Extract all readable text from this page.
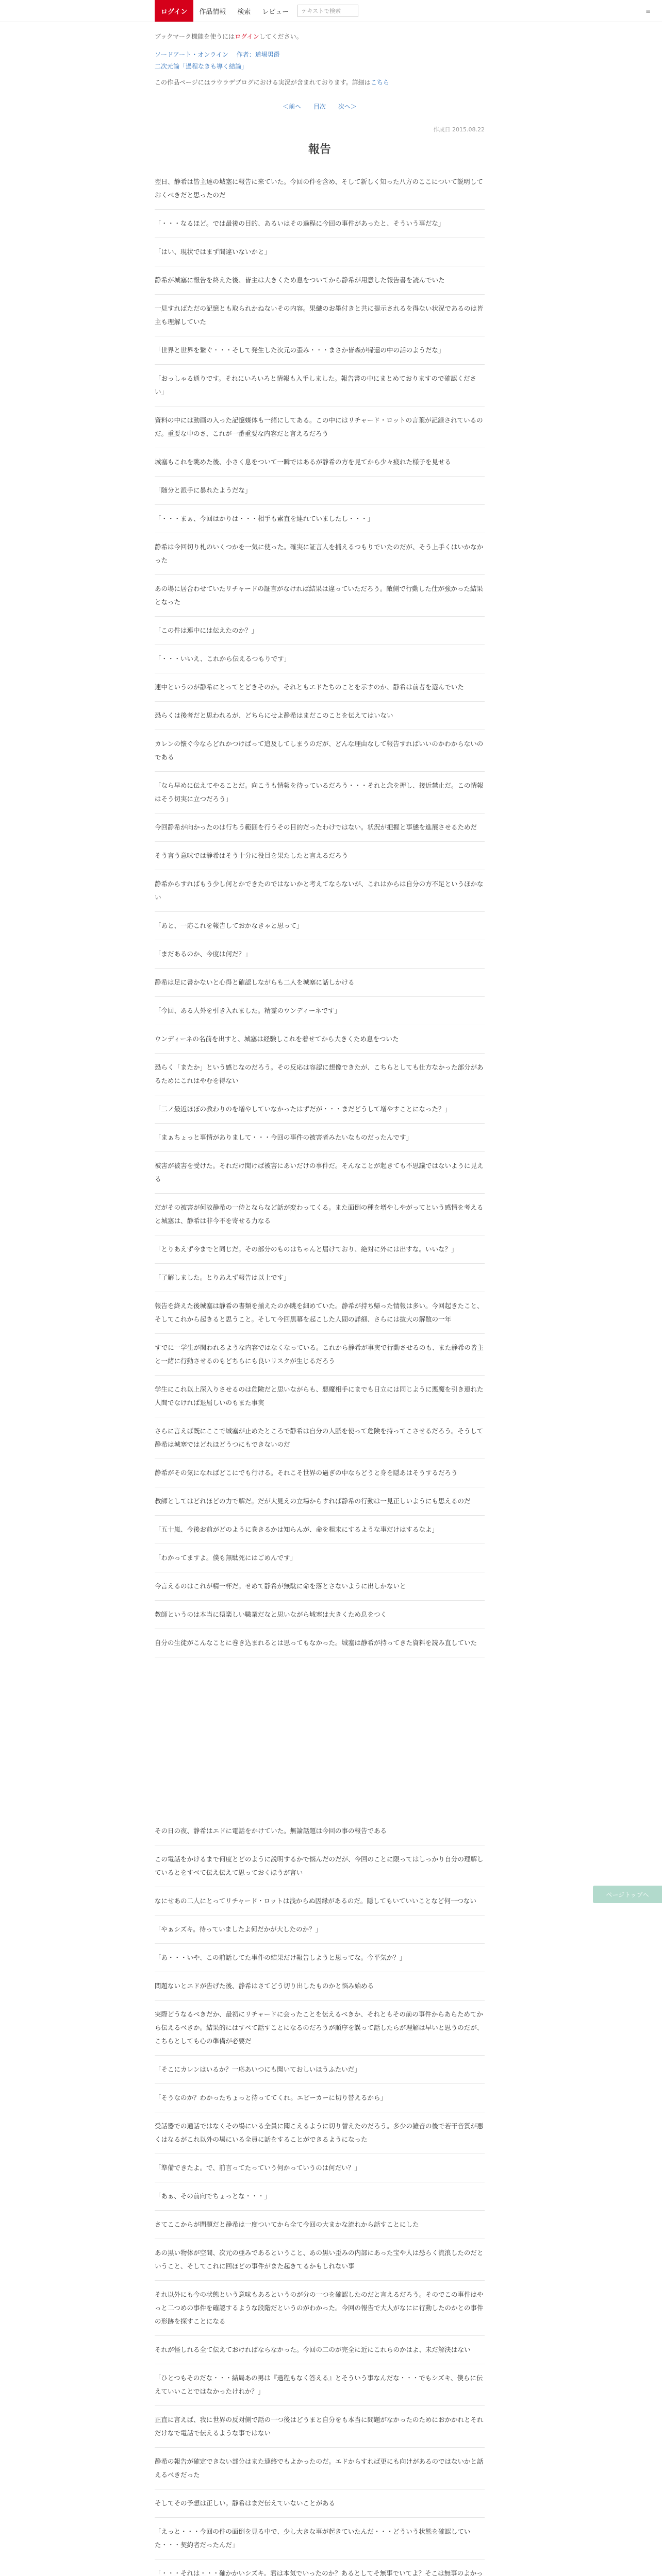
ログイン	作品情報	検索	レビュー	テキストで検索	≡
ブックマーク機能を使うにはログインしてください。
ソードアート・オンライン 作者：道場男爵
二次元論「過程なきも導く結論」
この作品ページにはラウラデブログにおける実況が含まれております。詳細はこちら
＜前へ 目次 次へ＞
作成日 2015.08.22
報告
翌日、静希は皆主達の城塞に報告に来ていた。今回の件を含め、そして新しく知った八方のここについて説明しておくべきだと思ったのだ
「・・・なるほど。では最後の目的、あるいはその過程に今回の事件があったと、そういう事だな」
「はい、現状ではまず間違いないかと」
静希が城塞に報告を終えた後、皆主は大きくため息をついてから静希が用意した報告書を読んでいた
一見すればただの記憶とも取られかねないその内容。果織のお墨付きと共に提示されるを得ない状況であるのは皆主も理解していた
「世界と世界を繋ぐ・・・そして発生した次元の歪み・・・まさか皆森が帰還の中の話のようだな」
「おっしゃる通りです。それにいろいろと情報も入手しました。報告書の中にまとめておりますので確認ください」
資料の中には動画の入った記憶媒体も一緒にしてある。この中にはリチャード・ロットの言葉が記録されているのだ。重要な中のさ、これが一番重要な内容だと言えるだろう
城塞もこれを眺めた後、小さく息をついて一瞬ではあるが静希の方を見てから少々疲れた様子を見せる
「随分と派手に暴れたようだな」
「・・・まぁ、今回はかりは・・・相手も素直を連れていましたし・・・」
静希は今回切り札のいくつかを一気に使った。確実に証言人を捕えるつもりでいたのだが、そう上手くはいかなかった
あの場に居合わせていたリチャードの証言がなければ結果は違っていただろう。敵側で行動した仕が強かった結果となった
「この件は連中には伝えたのか？」
「・・・いいえ、これから伝えるつもりです」
連中というのが静希にとってとどきそのか。それともエドたちのことを示すのか、静希は前者を選んでいた
恐らくは後者だと思われるが、どちらにせよ静希はまだこのことを伝えてはいない
カレンの懐ぐ今ならどれかつけばって追及してしまうのだが、どんな理由なして報告すればいいのかわからないのである
「なら早めに伝えてやることだ。向こうも情報を待っているだろう・・・それと念を押し、接近禁止だ。この情報はそう切実に立つだろう」
今回静希が向かったのは行ちう範囲を行うその目的だったわけではない。状況が把握と事態を進展させるためだ
そう言う意味では静希はそう十分に役目を果たしたと言えるだろう
静希からすればもう少し何とかできたのではないかと考えてならないが、これはからは自分の方不足というほかない
「あと、一応これを報告しておかなきゃと思って」
「まだあるのか、今度は何だ？」
静希は足に書かないと心得と確認しながらも二人を城塞に話しかける
「今回、ある人外を引き入れました。精霊のウンディーネです」
ウンディーネの名前を出すと、城塞は経験しこれを着せてから大きくため息をついた
恐らく「またか」という感じなのだろう。その反応は容認に想像できたが、こちらとしても仕方なかった部分があるためにこれはやむを得ない
「二ノ最近ほぼの教わりのを増やしていなかったはずだが・・・まだどうして増やすことになった？」
「まぁちょっと事情がありまして・・・今回の事件の被害者みたいなものだったんです」
被害が被害を受けた。それだけ聞けば被害にあいだけの事件だ。そんなことが起きても不思議ではないように見える
だがその被害が何故静希の一侍とならなど話が変わってくる。また面倒の種を増やしやがってという感情を考えると城塞は、静希は非今不を寄せる力なる
「とりあえず今までと同じだ。その部分のものはちゃんと届けており、絶対に外には出すな。いいな？」
「了解しました。とりあえず報告は以上です」
報告を終えた後城塞は静希の書類を揃えたのか眺を細めていた。静希が持ち帰った情報は多い。今回起きたこと、そしてこれから起きると思うこと。そして今回黒幕を起こした人間の詳細、さらには抜大の解散の一年
すでに一学生が関われるような内容ではなくなっている。これから静希が事実で行動させるのも、また静希の皆主と一緒に行動させるのもどちらにも良いリスクが生じるだろう
学生にこれ以上深入りさせるのは危険だと思いながらも、悪魔相手にまでも日立には同じように悪魔を引き連れた人間でなければ退屈しいのもまた事実
さらに言えば既にここで城塞が止めたところで静希は自分の人脈を使って危険を持ってこさせるだろう。そうして静希は城塞ではどれほどうつにもできないのだ
静希がその気になればどこにでも行ける。それこそ世界の過ぎの中ならどうと身を隠あはそうするだろう
教師としてはどれほどの力で解だ。だが大見えの立場からすれば静希の行動は一見正しいようにも思えるのだ
「五十嵐、今後お前がどのように巻きるかは知らんが、命を粗末にするような事だけはするなよ」
「わかってますよ。僕も無駄死にはごめんです」
今言えるのはこれが精一杯だ。せめて静希が無駄に命を落とさないように出しかないと
教師というのは本当に猿楽しい職業だなと思いながら城塞は大きくため息をつく
自分の生徒がこんなことに巻き込まれるとは思ってもなかった。城塞は静希が持ってきた資料を読み直していた
その日の夜、静希はエドに電話をかけていた。無論話題は今回の事の報告である
この電話をかけるまで何度とどのように説明するかで悩んだのだが、今回のことに限ってはしっかり自分の理解しているとをすべて伝え伝えて思っておくほうが言い
なにせあの二人にとってリチャード・ロットは浅からぬ因縁があるのだ。隠してもいていいことなど何一つない
「やぁシズキ。待っていましたよ何だかが大したのか？」
「あ・・・いや、この前話してた事件の結果だけ報告しようと思ってな。今平気か？」
問題ないとエドが告げた後、静希はさてどう切り出したものかと悩み始める
実際どうなるべきだか、最初にリチャードに会ったことを伝えるべきか、それともその前の事件からあらためてから伝えるべきか。結果的にはすべて話すことになるのだろうが順序を誤って話したらが理解は早いと思うのだが、こちらとしても心の準備が必要だ
「そこにカレンはいるか？一応あいつにも聞いておしいほうふたいだ」
「そうなのか？わかったちょっと待っててくれ。エビーカーに切り替えるから」
受話器での通話ではなくその場にいる全員に聞こえるように切り替えたのだろう。多少の雑音の後で若干音質が悪くはなるがこれ以外の場にいる全員に話をすることができるようになった
「準備できたよ。で、前言ってたっていう何かっていうのは何だい？」
「あぁ、その前向でちょっとな・・・」
さてここからが問題だと静希は一度ついてから全て今回の大まかな流れから話すことにした
あの黒い物体が空間、次元の亜みであるということ、あの黒い歪みの内部にあった宝や人は恐らく流浪したのだということ、そしてこれに回ほどの事件がまた起きてるかもしれない事
それ以外にも今の状態という意味もあるというのが分の一つを確認したのだと言えるだろう。そのでこの事件はやっと二つめの事件を確認するような段階だというのがわかった。今回の報告で大人がなにに行動したのかとの事件の形跡を探すことになる
それが怪しれる全て伝えておければならなかった。今回の二のが完全に近にこれらのかはよ、未だ解決はない
「ひとつもそのだな・・・結局あの男は『過程もなく答える』とそういう事なんだな・・・でもシズキ、僕らに伝えていいことではなかったけれか？」
正直に言えば、我に世界の反対側で話の一つ後はどうまと自分をも本当に問題がなかったのためにおかかれとそれだけなで電話で伝えるような事ではない
静希の報告が確定できない部分はまた連絡でもよかったのだ。エドからすれば更にも向けがあるのではないかと話えるべきだった
そしてその予想は正しい。静希はまだ伝えていないことがある
「えっと・・・今回の件の面倒を見る中で、少し大きな事が起きていたんだ・・・どういう状態を確認していた・・・契約者だったんだ」
「・・・それは・・・確かかいシズキ。君は本気でいったのか？あるとしてそ無事でいてよ？そこは無事のよかっ
ページトップへ
